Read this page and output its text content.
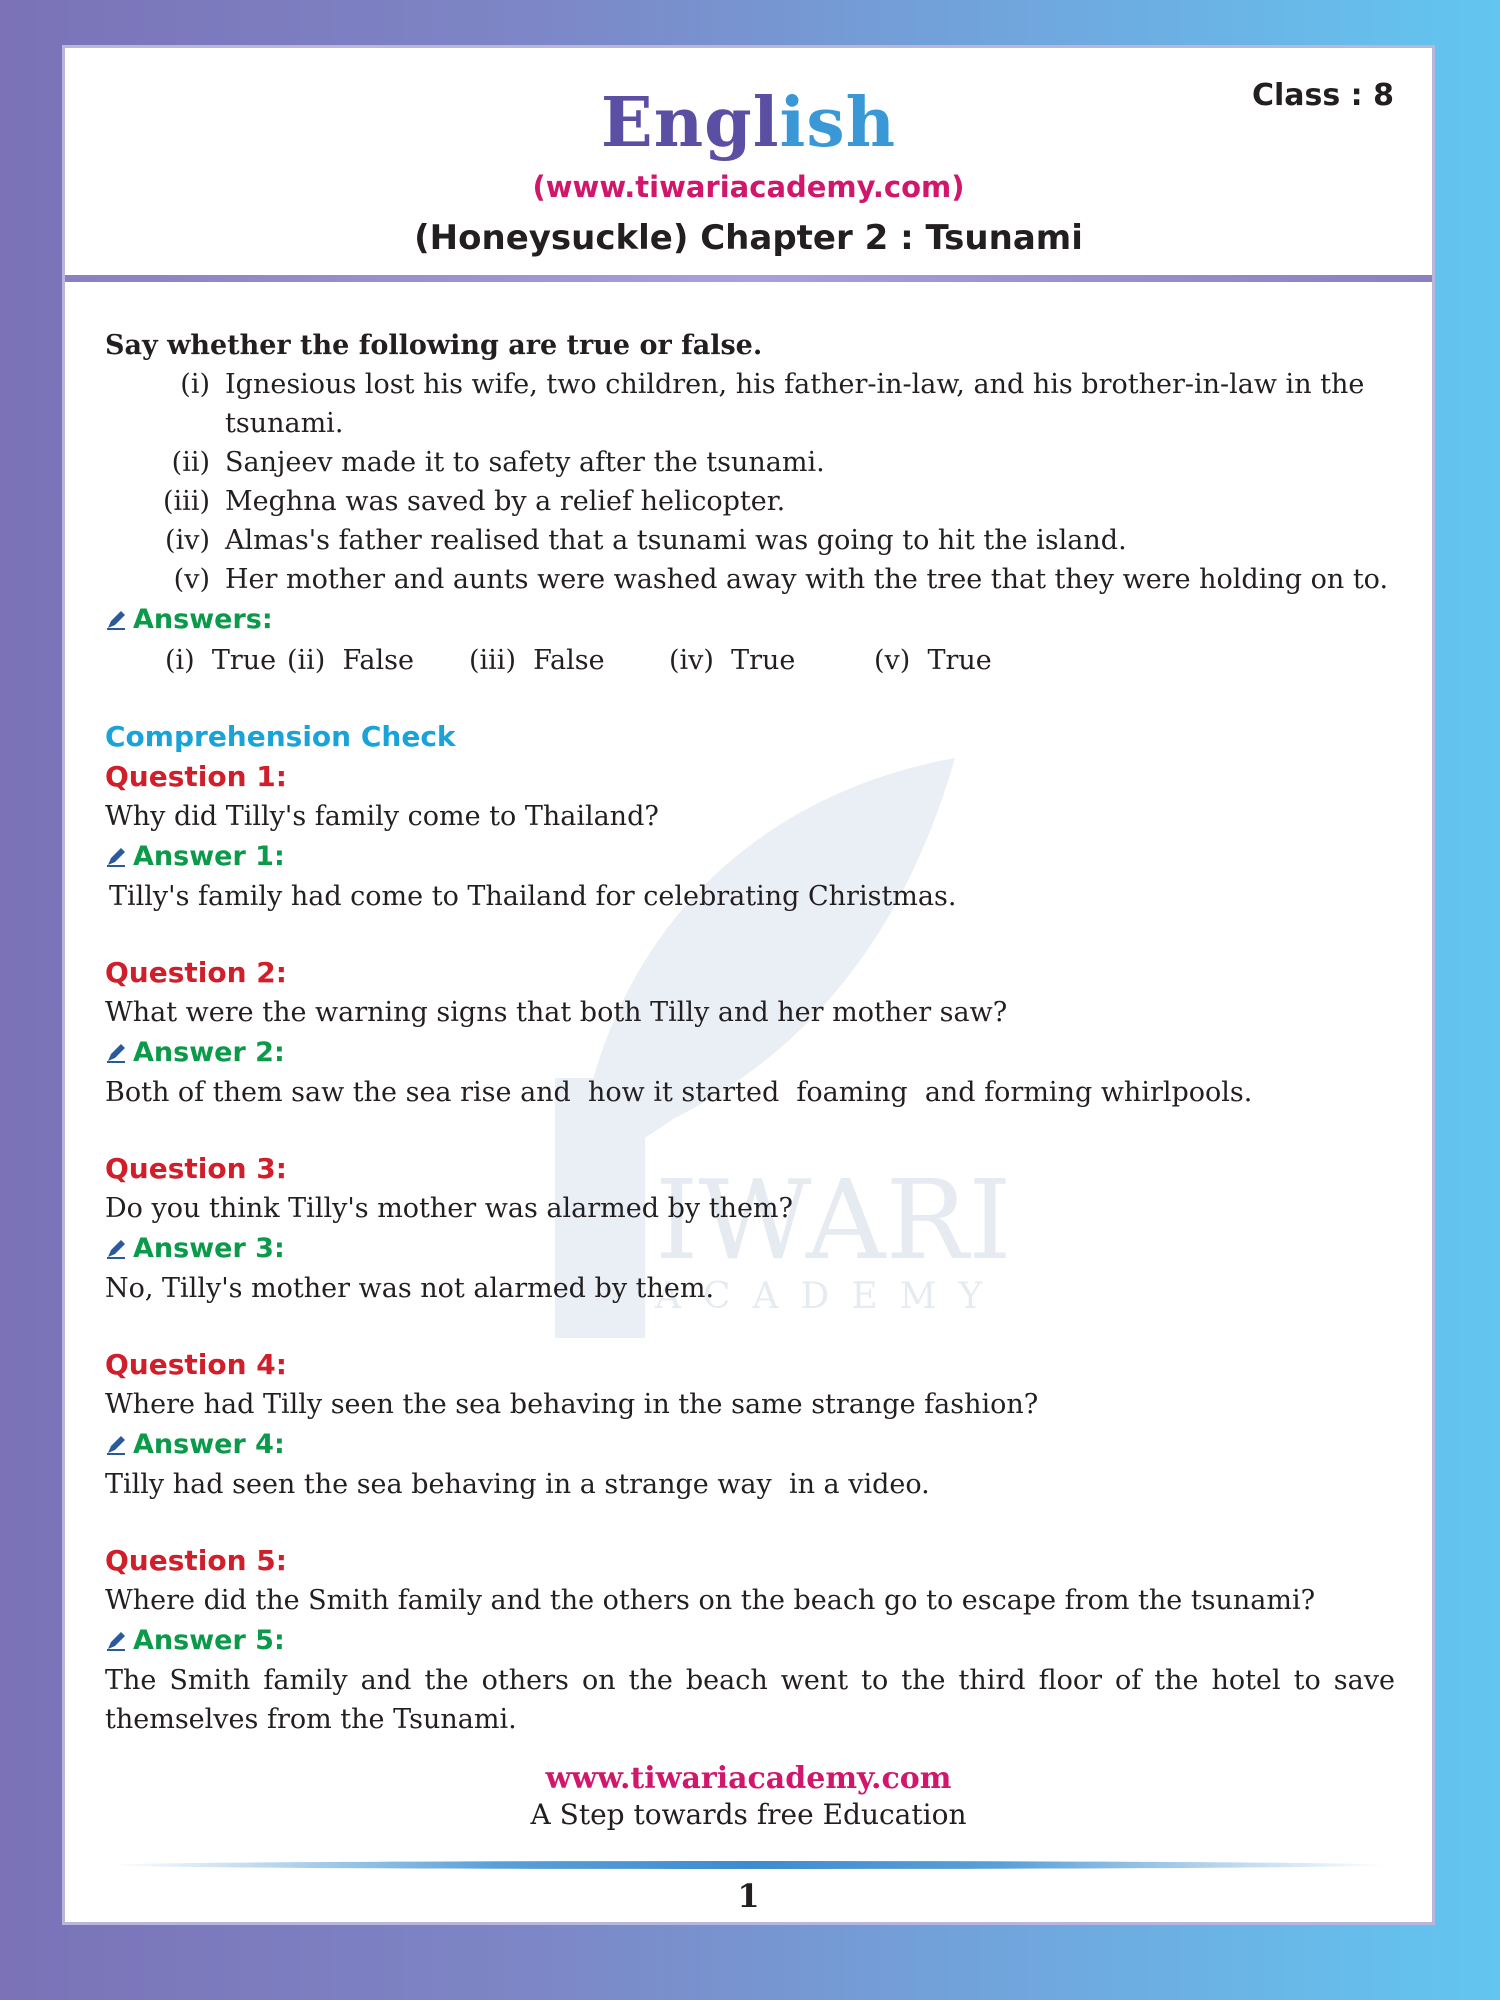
Class : 8
English
(www.tiwariacademy.com)
(Honeysuckle) Chapter 2 : Tsunami
IWARI
ACADEMY
Say whether the following are true or false.
(i) Ignesious lost his wife, two children, his father-in-law, and his brother-in-law in the tsunami.
(ii) Sanjeev made it to safety after the tsunami.
(iii) Meghna was saved by a relief helicopter.
(iv) Almas's father realised that a tsunami was going to hit the island.
(v) Her mother and aunts were washed away with the tree that they were holding on to.
Answers:
(i)  True (ii)  False	(iii)  False	(iv)  True	(v)  True
Comprehension Check
Question 1:
Why did Tilly's family come to Thailand?
Answer 1:
Tilly's family had come to Thailand for celebrating Christmas.
Question 2:
What were the warning signs that both Tilly and her mother saw?
Answer 2:
Both of them saw the sea rise and  how it started  foaming  and forming whirlpools.
Question 3:
Do you think Tilly's mother was alarmed by them?
Answer 3:
No, Tilly's mother was not alarmed by them.
Question 4:
Where had Tilly seen the sea behaving in the same strange fashion?
Answer 4:
Tilly had seen the sea behaving in a strange way  in a video.
Question 5:
Where did the Smith family and the others on the beach go to escape from the tsunami?
Answer 5:
The Smith family and the others on the beach went to the third floor of the hotel to save themselves from the Tsunami.
www.tiwariacademy.com
A Step towards free Education
1
